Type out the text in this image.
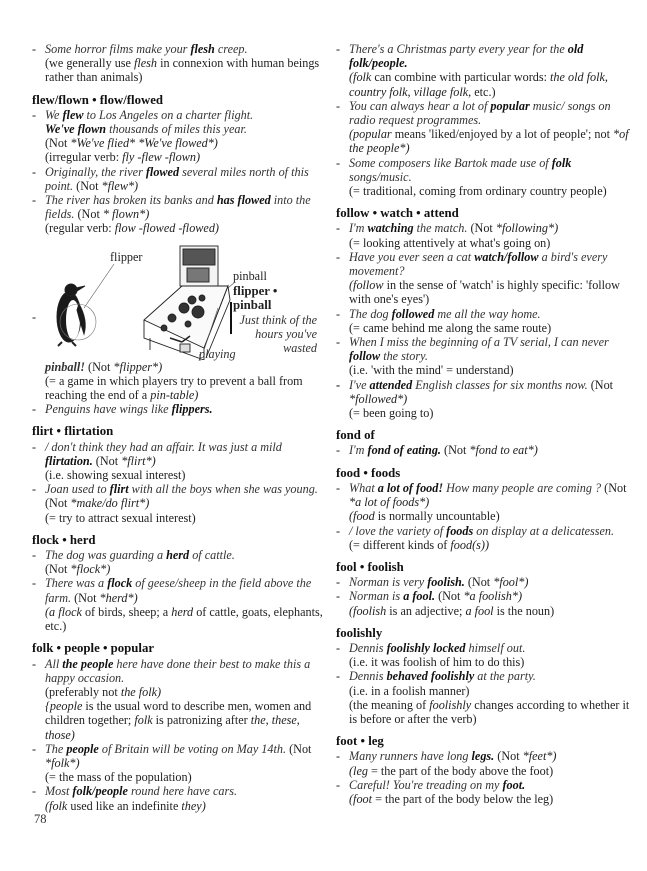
- Some horror films make your flesh creep.
(we generally use flesh in connexion with human beings rather than animals)
flew/flown • flow/flowed
- We flew to Los Angeles on a charter flight.
We've flown thousands of miles this year.
(Not *We've flied* *We've flowed*)
(irregular verb: fly -flew -flown)
- Originally, the river flowed several miles north of this point. (Not *flew*)
- The river has broken its banks and has flowed into the fields. (Not * flown*)
(regular verb: flow -flowed -flowed)
-
flipper
pinball
flipper • pinball
Just think of the hours you've wasted
playing
pinball! (Not *flipper*)
(= a game in which players try to prevent a ball from reaching the end of a pin-table)
- Penguins have wings like flippers.
flirt • flirtation
- / don't think they had an affair. It was just a mild flirtation. (Not *flirt*)
(i.e. showing sexual interest)
- Joan used to flirt with all the boys when she was young. (Not *make/do flirt*)
(= try to attract sexual interest)
flock • herd
- The dog was guarding a herd of cattle.
(Not *flock*)
- There was a flock of geese/sheep in the field above the farm. (Not *herd*)
(a flock of birds, sheep; a herd of cattle, goats, elephants, etc.)
folk • people • popular
- All the people here have done their best to make this a happy occasion.
(preferably not the folk)
{people is the usual word to describe men, women and children together; folk is patronizing after the, these, those)
- The people of Britain will be voting on May 14th. (Not *folk*)
(= the mass of the population)
- Most folk/people round here have cars.
(folk used like an indefinite they)
- There's a Christmas party every year for the old folk/people.
(folk can combine with particular words: the old folk, country folk, village folk, etc.)
- You can always hear a lot of popular music/ songs on radio request programmes.
(popular means 'liked/enjoyed by a lot of people'; not *of the people*)
- Some composers like Bartok made use of folk songs/music.
(= traditional, coming from ordinary country people)
follow • watch • attend
- I'm watching the match. (Not *following*)
(= looking attentively at what's going on)
- Have you ever seen a cat watch/follow a bird's every movement?
(follow in the sense of 'watch' is highly specific: 'follow with one's eyes')
- The dog followed me all the way home.
(= came behind me along the same route)
- When I miss the beginning of a TV serial, I can never follow the story.
(i.e. 'with the mind' = understand)
- I've attended English classes for six months now. (Not *followed*)
(= been going to)
fond of
- I'm fond of eating. (Not *fond to eat*)
food • foods
- What a lot of food! How many people are coming ? (Not *a lot of foods*)
(food is normally uncountable)
- / love the variety of foods on display at a delicatessen.
(= different kinds of food(s))
fool • foolish
- Norman is very foolish. (Not *fool*)
- Norman is a fool. (Not *a foolish*)
(foolish is an adjective; a fool is the noun)
foolishly
- Dennis foolishly locked himself out.
(i.e. it was foolish of him to do this)
- Dennis behaved foolishly at the party.
(i.e. in a foolish manner)
(the meaning of foolishly changes according to whether it is before or after the verb)
foot • leg
- Many runners have long legs. (Not *feet*)
(leg = the part of the body above the foot)
- Careful! You're treading on my foot.
(foot = the part of the body below the leg)
78
